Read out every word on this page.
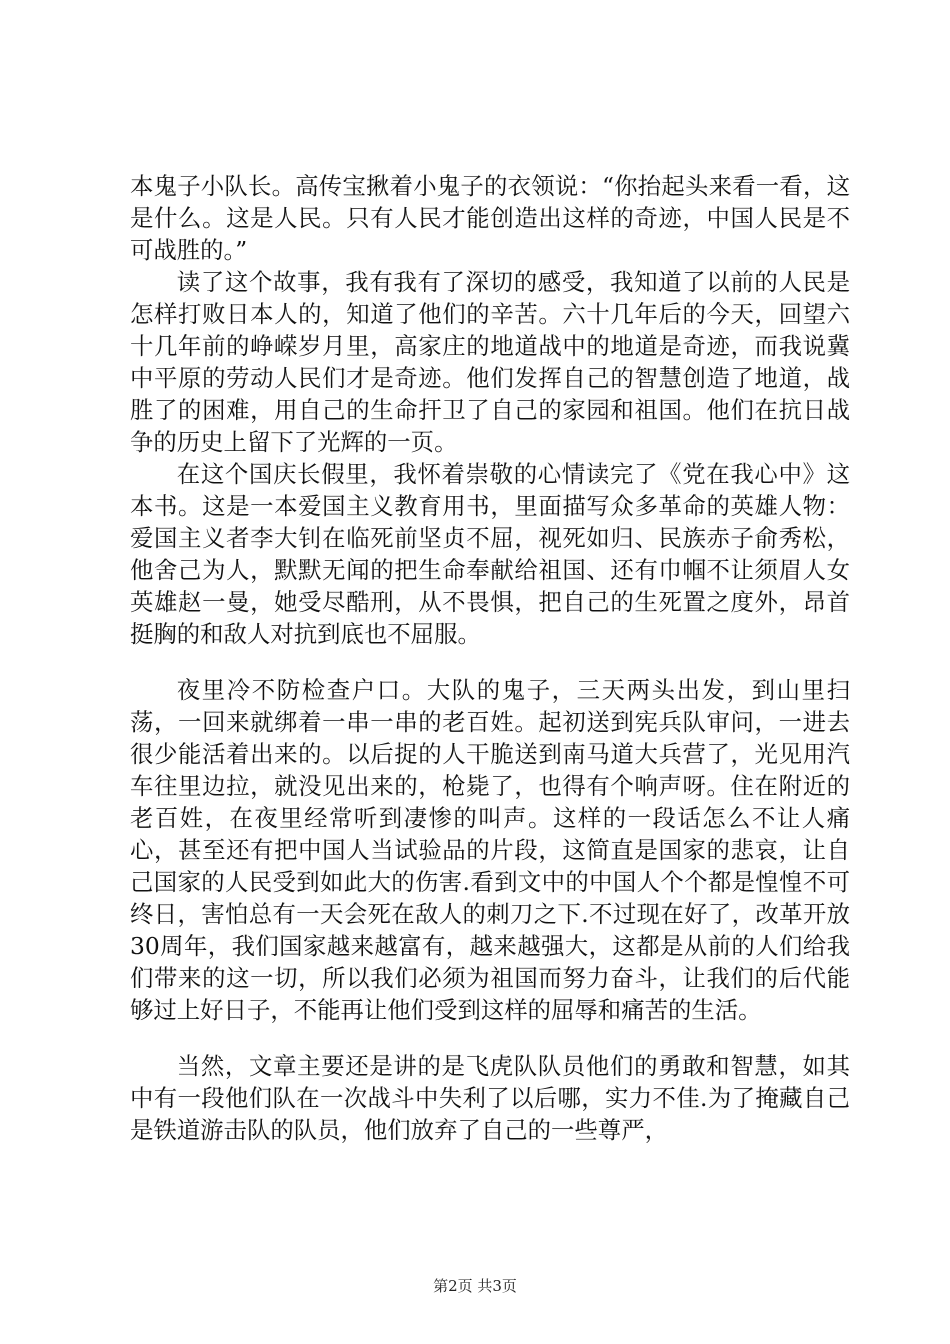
本鬼子小队长。高传宝揪着小鬼子的衣领说：“你抬起头来看一看，这是什么。这是人民。只有人民才能创造出这样的奇迹，中国人民是不可战胜的。”

读了这个故事，我有我有了深切的感受，我知道了以前的人民是怎样打败日本人的，知道了他们的辛苦。六十几年后的今天，回望六十几年前的峥嵘岁月里，高家庄的地道战中的地道是奇迹，而我说冀中平原的劳动人民们才是奇迹。他们发挥自己的智慧创造了地道，战胜了的困难，用自己的生命扞卫了自己的家园和祖国。他们在抗日战争的历史上留下了光辉的一页。

在这个国庆长假里，我怀着崇敬的心情读完了《党在我心中》这本书。这是一本爱国主义教育用书，里面描写众多革命的英雄人物：爱国主义者李大钊在临死前坚贞不屈，视死如归、民族赤子俞秀松，他舍己为人，默默无闻的把生命奉献给祖国、还有巾帼不让须眉人女英雄赵一曼，她受尽酷刑，从不畏惧，把自己的生死置之度外，昂首挺胸的和敌人对抗到底也不屈服。

夜里冷不防检查户口。大队的鬼子，三天两头出发，到山里扫荡，一回来就绑着一串一串的老百姓。起初送到宪兵队审问，一进去很少能活着出来的。以后捉的人干脆送到南马道大兵营了，光见用汽车往里边拉，就没见出来的，枪毙了，也得有个响声呀。住在附近的老百姓，在夜里经常听到凄惨的叫声。这样的一段话怎么不让人痛心，甚至还有把中国人当试验品的片段，这简直是国家的悲哀，让自己国家的人民受到如此大的伤害.看到文中的中国人个个都是惶惶不可终日，害怕总有一天会死在敌人的刺刀之下.不过现在好了，改革开放30周年，我们国家越来越富有，越来越强大，这都是从前的人们给我们带来的这一切，所以我们必须为祖国而努力奋斗，让我们的后代能够过上好日子，不能再让他们受到这样的屈辱和痛苦的生活。

当然，文章主要还是讲的是飞虎队队员他们的勇敢和智慧，如其中有一段他们队在一次战斗中失利了以后哪，实力不佳.为了掩藏自己是铁道游击队的队员，他们放弃了自己的一些尊严，

第2页 共3页
